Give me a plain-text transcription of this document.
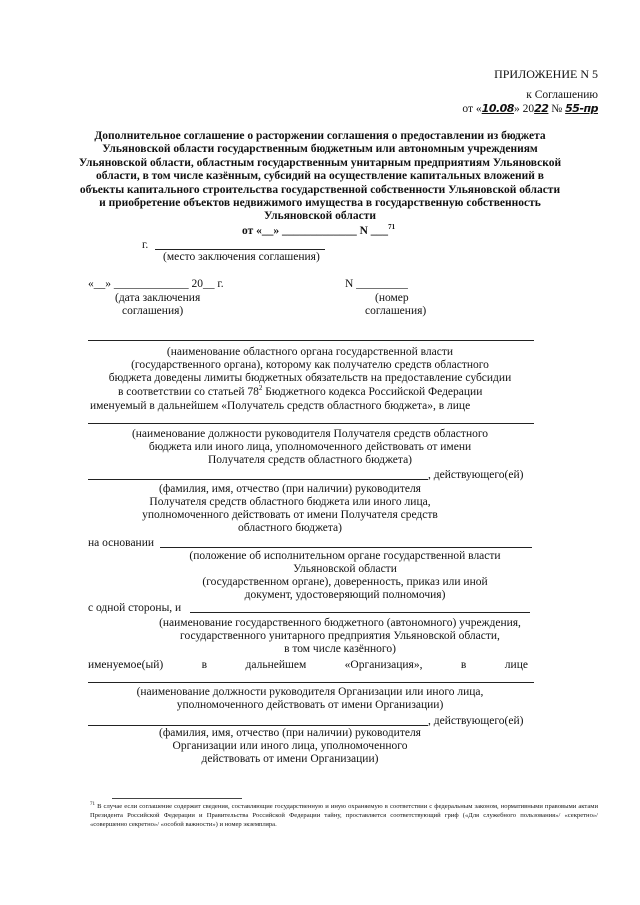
ПРИЛОЖЕНИЕ N 5
к Соглашению
от «10.08» 2022 № 55-пр
Дополнительное соглашение о расторжении соглашения о предоставлении из бюджета
Ульяновской области государственным бюджетным или автономным учреждениям
Ульяновской области, областным государственным унитарным предприятиям Ульяновской
области, в том числе казённым, субсидий на осуществление капитальных вложений в
объекты капитального строительства государственной собственности Ульяновской области
и приобретение объектов недвижимого имущества в государственную собственность
Ульяновской области
от «__» _____________ N ___$^{71}$
г.
(место заключения соглашения)
«__» _____________ 20__ г.
(дата заключения
соглашения)
N _________
(номер
соглашения)
(наименование областного органа государственной власти
(государственного органа), которому как получателю средств областного
бюджета доведены лимиты бюджетных обязательств на предоставление субсидии
в соответствии со статьей $78^2$ Бюджетного кодекса Российской Федерации
именуемый в дальнейшем «Получатель средств областного бюджета», в лице
(наименование должности руководителя Получателя средств областного
бюджета или иного лица, уполномоченного действовать от имени
Получателя средств областного бюджета)
, действующего(ей)
(фамилия, имя, отчество (при наличии) руководителя
Получателя средств областного бюджета или иного лица,
уполномоченного действовать от имени Получателя средств
областного бюджета)
на основании
(положение об исполнительном органе государственной власти
Ульяновской области
(государственном органе), доверенность, приказ или иной
документ, удостоверяющий полномочия)
с одной стороны, и
(наименование государственного бюджетного (автономного) учреждения,
государственного унитарного предприятия Ульяновской области,
в том числе казённого)
именуемое(ый)	в	дальнейшем	«Организация»,	в	лице
(наименование должности руководителя Организации или иного лица,
уполномоченного действовать от имени Организации)
, действующего(ей)
(фамилия, имя, отчество (при наличии) руководителя
Организации или иного лица, уполномоченного
действовать от имени Организации)
$^{71}$ В случае если соглашение содержит сведения, составляющие государственную и иную охраняемую в соответствии с федеральным законом, нормативными правовыми актами Президента Российской Федерации и Правительства Российской Федерации тайну, проставляется соответствующий гриф («Для служебного пользования»/ «секретно»/ «совершенно секретно»/ «особой важности») и номер экземпляра.
